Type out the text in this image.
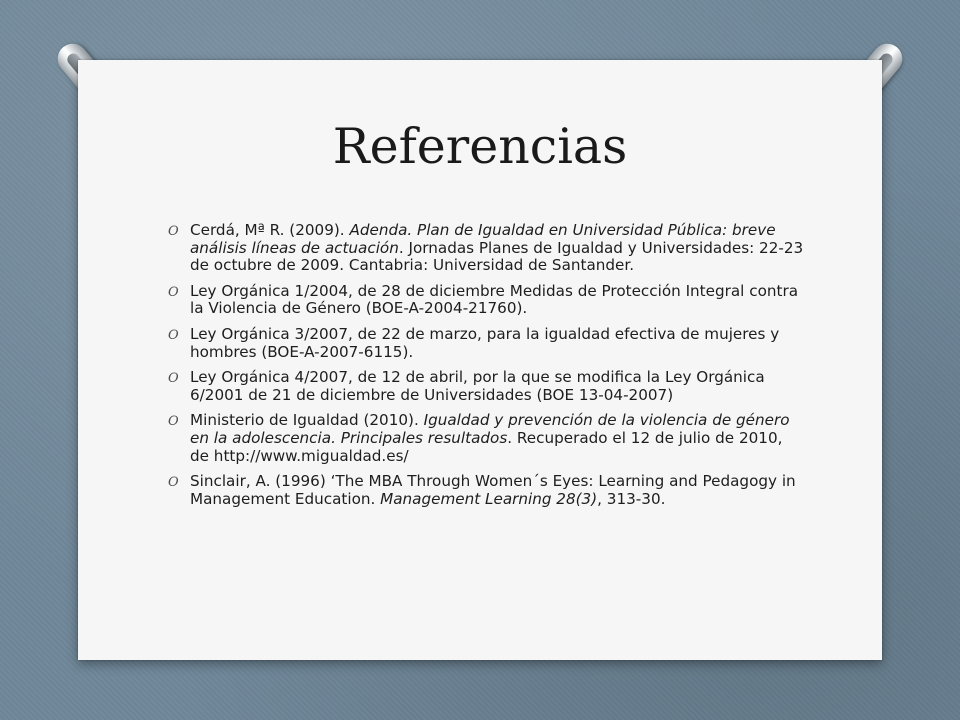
Referencias
O Cerdá, Mª R. (2009). Adenda. Plan de Igualdad en Universidad Pública: breve análisis líneas de actuación. Jornadas Planes de Igualdad y Universidades: 22-23 de octubre de 2009. Cantabria: Universidad de Santander.
O Ley Orgánica 1/2004, de 28 de diciembre Medidas de Protección Integral contra la Violencia de Género (BOE-A-2004-21760).
O Ley Orgánica 3/2007, de 22 de marzo, para la igualdad efectiva de mujeres y hombres (BOE-A-2007-6115).
O Ley Orgánica 4/2007, de 12 de abril, por la que se modifica la Ley Orgánica 6/2001 de 21 de diciembre de Universidades (BOE 13-04-2007)
O Ministerio de Igualdad (2010). Igualdad y prevención de la violencia de género en la adolescencia. Principales resultados. Recuperado el 12 de julio de 2010, de http://www.migualdad.es/
O Sinclair, A. (1996) ‘The MBA Through Women´s Eyes: Learning and Pedagogy in Management Education. Management Learning 28(3), 313-30.
